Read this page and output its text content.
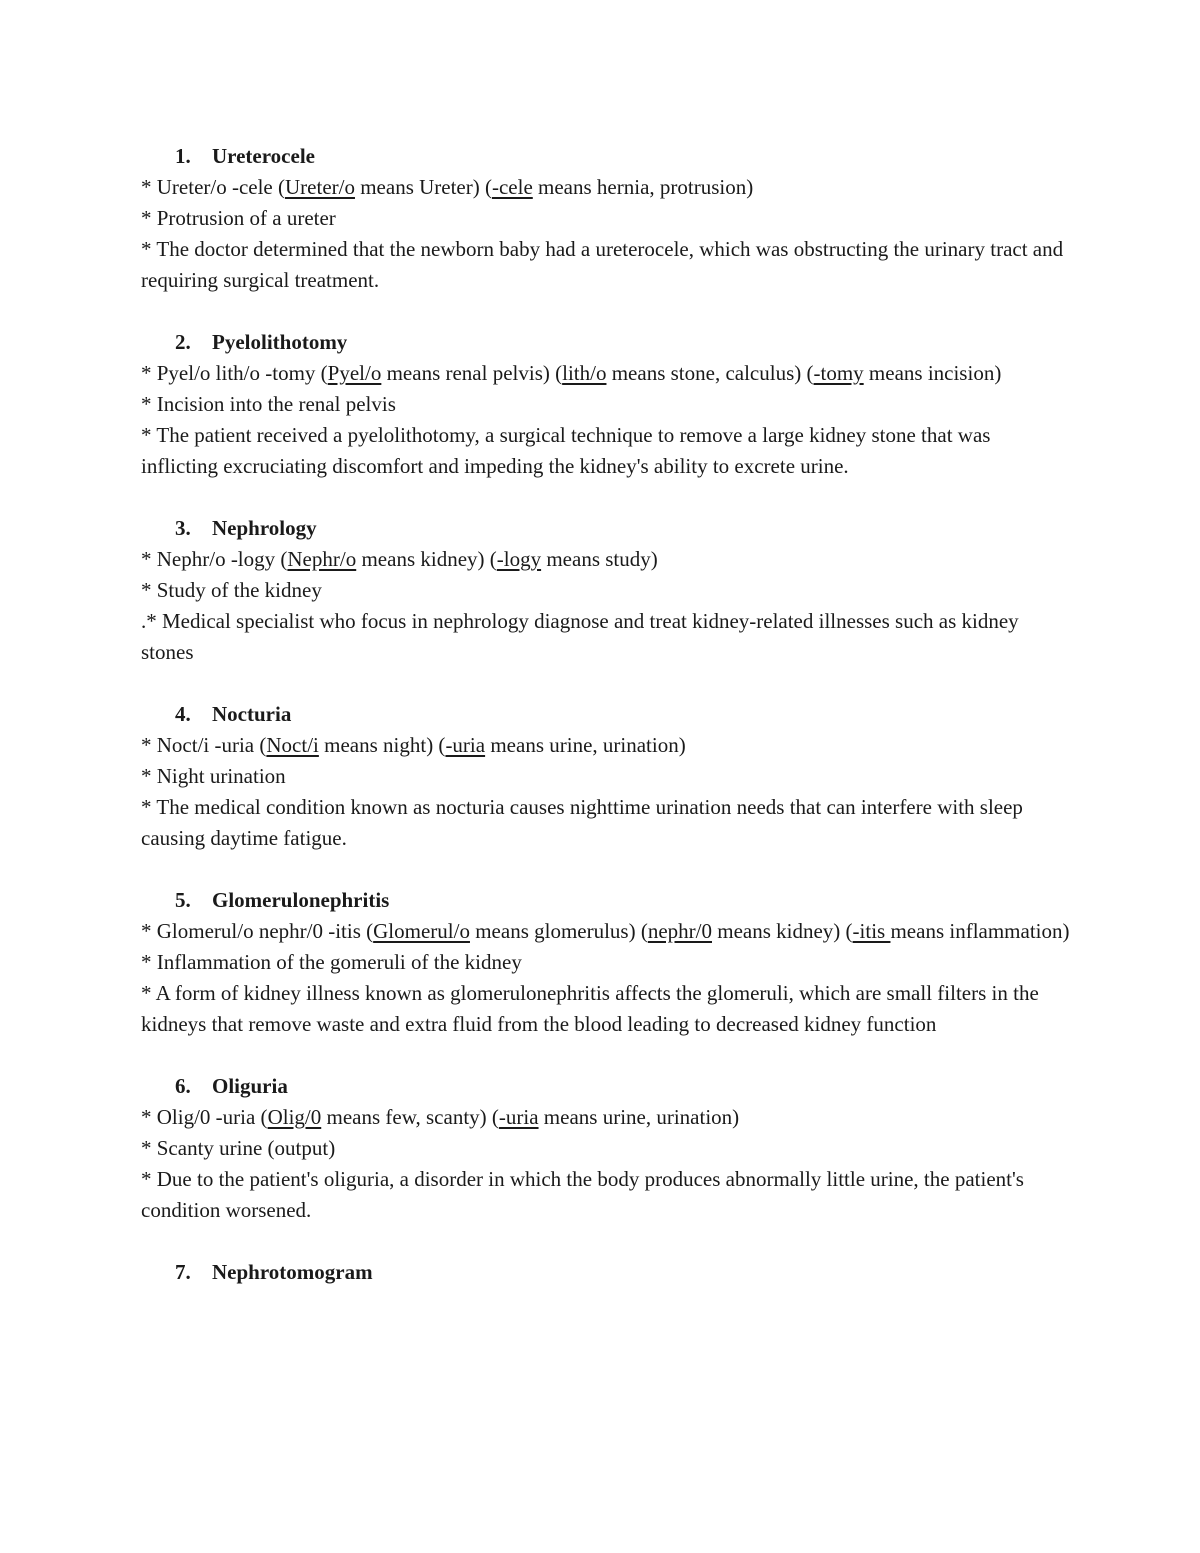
1. Ureterocele

* Ureter/o -cele (Ureter/o means Ureter) (-cele means hernia, protrusion)

* Protrusion of a ureter

* The doctor determined that the newborn baby had a ureterocele, which was obstructing the urinary tract and requiring surgical treatment.

2. Pyelolithotomy

* Pyel/o lith/o -tomy (Pyel/o means renal pelvis) (lith/o means stone, calculus) (-tomy means incision)

* Incision into the renal pelvis

* The patient received a pyelolithotomy, a surgical technique to remove a large kidney stone that was inflicting excruciating discomfort and impeding the kidney's ability to excrete urine.

3. Nephrology

* Nephr/o -logy (Nephr/o means kidney) (-logy means study)

* Study of the kidney

.* Medical specialist who focus in nephrology diagnose and treat kidney-related illnesses such as kidney stones

4. Nocturia

* Noct/i -uria (Noct/i means night) (-uria means urine, urination)

* Night urination

* The medical condition known as nocturia causes nighttime urination needs that can interfere with sleep causing daytime fatigue.

5. Glomerulonephritis

* Glomerul/o nephr/0 -itis (Glomerul/o means glomerulus) (nephr/0 means kidney) (-itis means inflammation)

* Inflammation of the gomeruli of the kidney

* A form of kidney illness known as glomerulonephritis affects the glomeruli, which are small filters in the kidneys that remove waste and extra fluid from the blood leading to decreased kidney function

6. Oliguria

* Olig/0 -uria (Olig/0 means few, scanty) (-uria means urine, urination)

* Scanty urine (output)

* Due to the patient's oliguria, a disorder in which the body produces abnormally little urine, the patient's condition worsened.

7. Nephrotomogram
